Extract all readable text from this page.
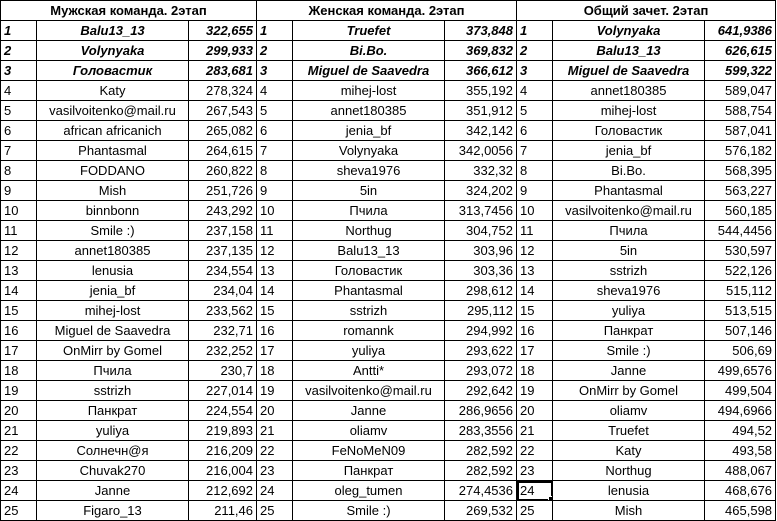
Мужская команда. 2этап			Женская команда. 2этап			Общий зачет. 2этап		
1	Balu13_13	322,655	1	Truefet	373,848	1	Volynyaka	641,9386
2	Volynyaka	299,933	2	Bi.Bo.	369,832	2	Balu13_13	626,615
3	Головастик	283,681	3	Miguel de Saavedra	366,612	3	Miguel de Saavedra	599,322
4	Katy	278,324	4	mihej-lost	355,192	4	annet180385	589,047
5	vasilvoitenko@mail.ru	267,543	5	annet180385	351,912	5	mihej-lost	588,754
6	african africanich	265,082	6	jenia_bf	342,142	6	Головастик	587,041
7	Phantasmal	264,615	7	Volynyaka	342,0056	7	jenia_bf	576,182
8	FODDANO	260,822	8	sheva1976	332,32	8	Bi.Bo.	568,395
9	Mish	251,726	9	5in	324,202	9	Phantasmal	563,227
10	binnbonn	243,292	10	Пчила	313,7456	10	vasilvoitenko@mail.ru	560,185
11	Smile :)	237,158	11	Northug	304,752	11	Пчила	544,4456
12	annet180385	237,135	12	Balu13_13	303,96	12	5in	530,597
13	lenusia	234,554	13	Головастик	303,36	13	sstrizh	522,126
14	jenia_bf	234,04	14	Phantasmal	298,612	14	sheva1976	515,112
15	mihej-lost	233,562	15	sstrizh	295,112	15	yuliya	513,515
16	Miguel de Saavedra	232,71	16	romannk	294,992	16	Панкрат	507,146
17	OnMirr by Gomel	232,252	17	yuliya	293,622	17	Smile :)	506,69
18	Пчила	230,7	18	Antti*	293,072	18	Janne	499,6576
19	sstrizh	227,014	19	vasilvoitenko@mail.ru	292,642	19	OnMirr by Gomel	499,504
20	Панкрат	224,554	20	Janne	286,9656	20	oliamv	494,6966
21	yuliya	219,893	21	oliamv	283,3556	21	Truefet	494,52
22	Солнечн@я	216,209	22	FeNoMeN09	282,592	22	Katy	493,58
23	Chuvak270	216,004	23	Панкрат	282,592	23	Northug	488,067
24	Janne	212,692	24	oleg_tumen	274,4536	24	lenusia	468,676
25	Figaro_13	211,46	25	Smile :)	269,532	25	Mish	465,598
